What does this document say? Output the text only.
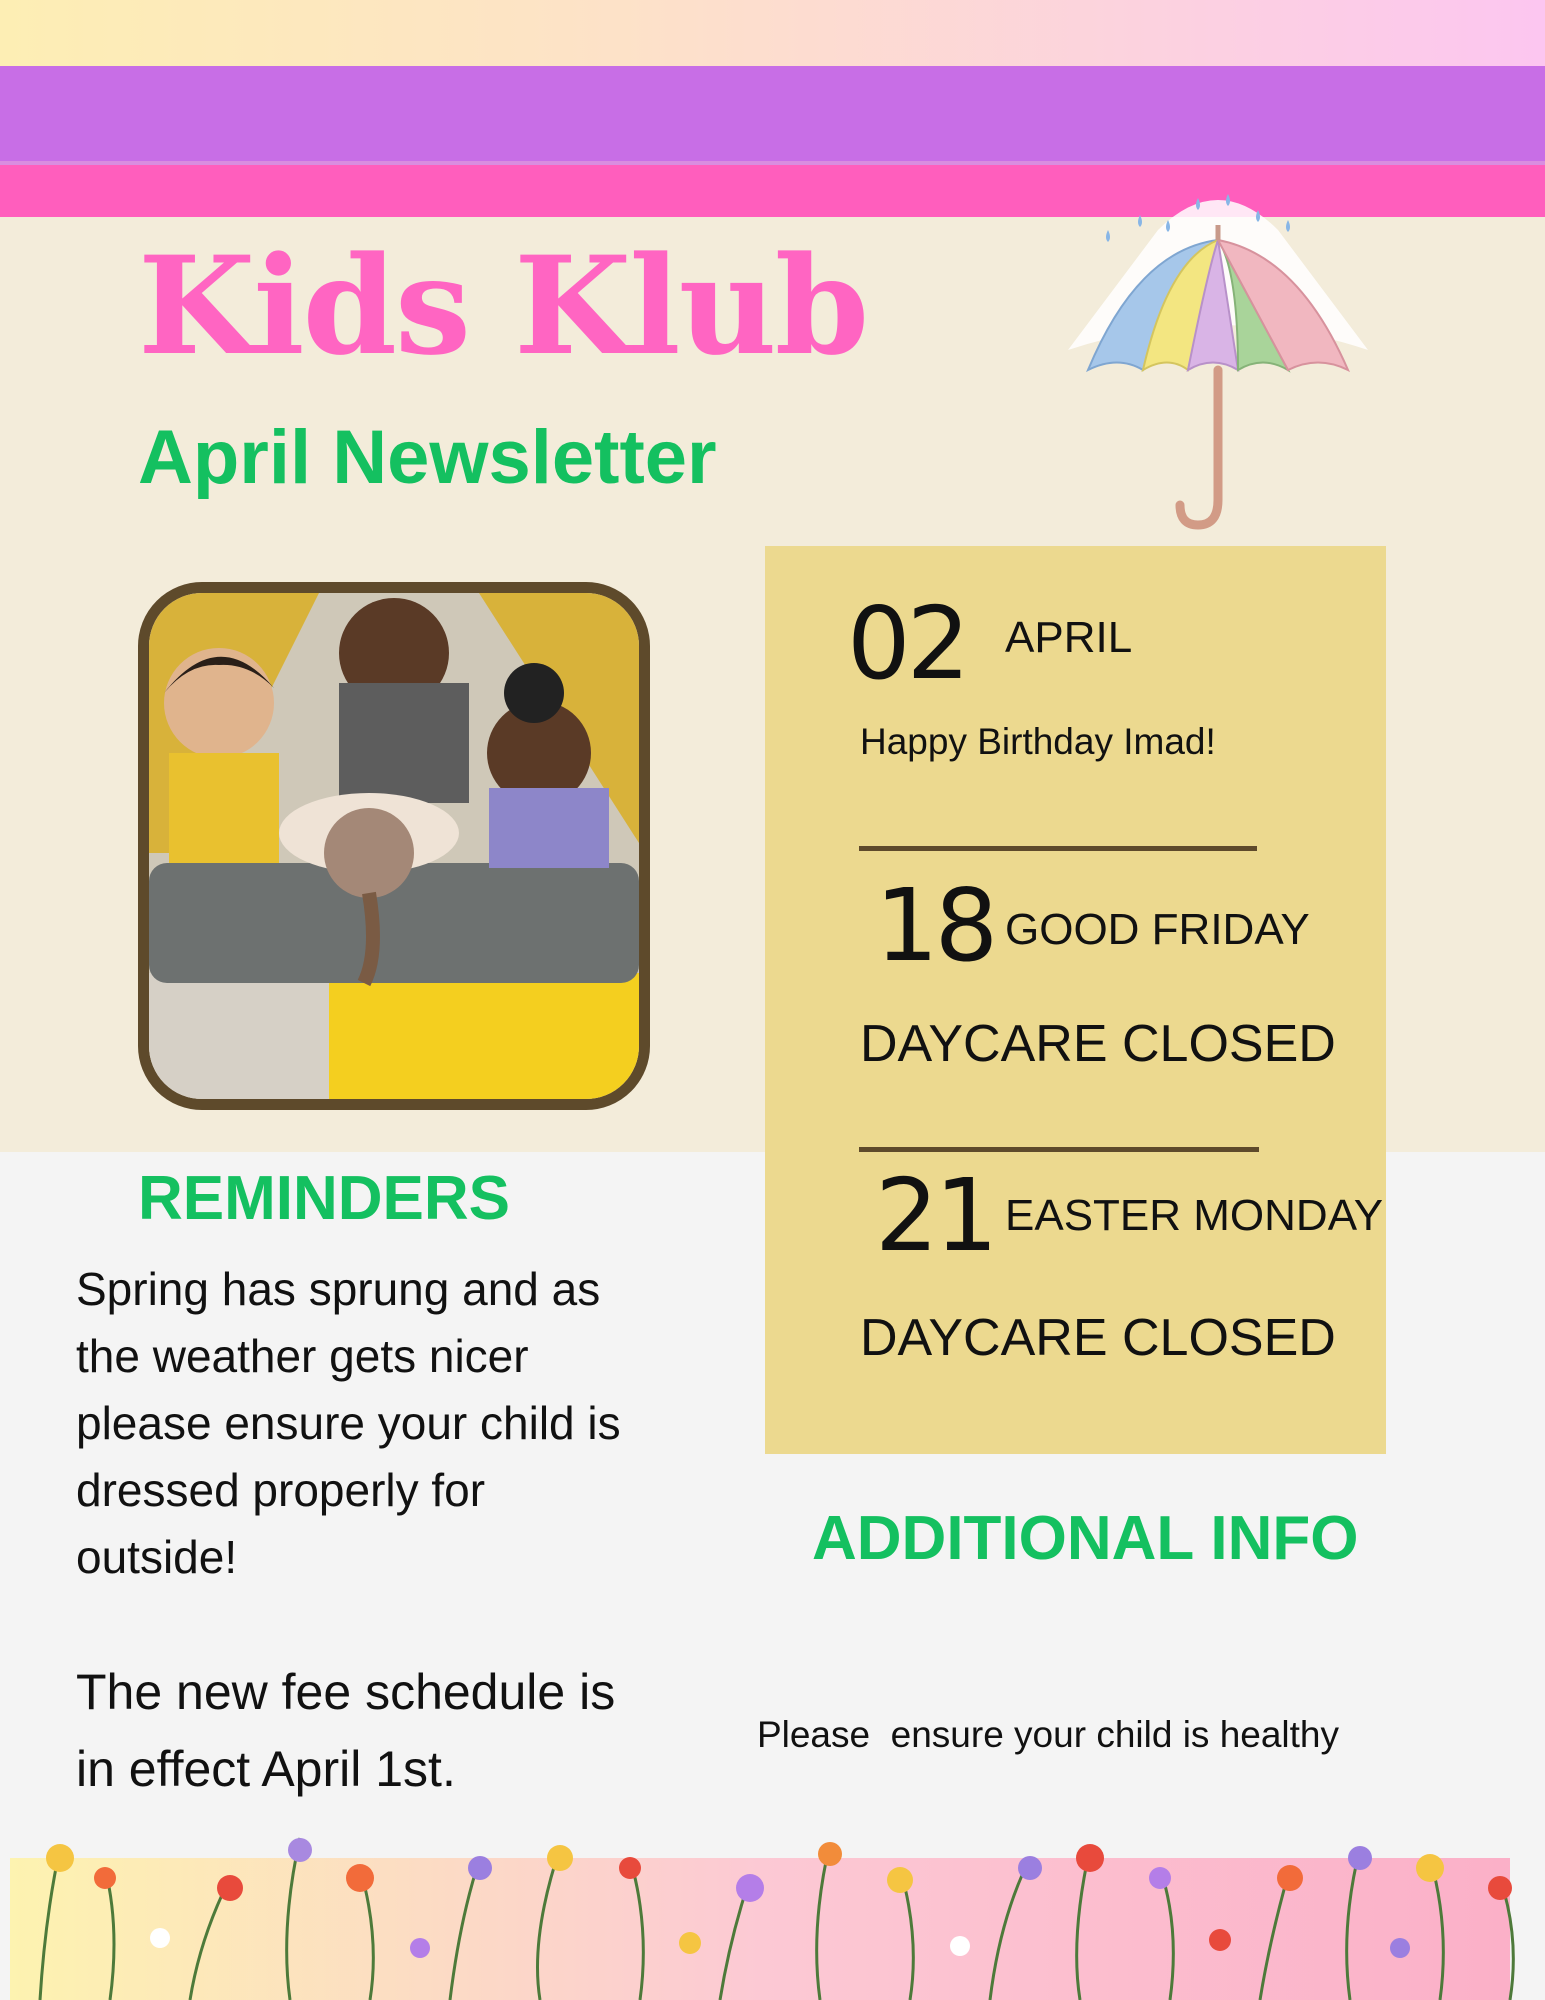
Kids Klub
April Newsletter
02 APRIL
Happy Birthday Imad!
18 GOOD FRIDAY
DAYCARE CLOSED
21 EASTER MONDAY
DAYCARE CLOSED
REMINDERS

Spring has sprung and as
the weather gets nicer
please ensure your child is
dressed properly for
outside!

The new fee schedule is
in effect April 1st.

ADDITIONAL INFO

Please  ensure your child is healthy
